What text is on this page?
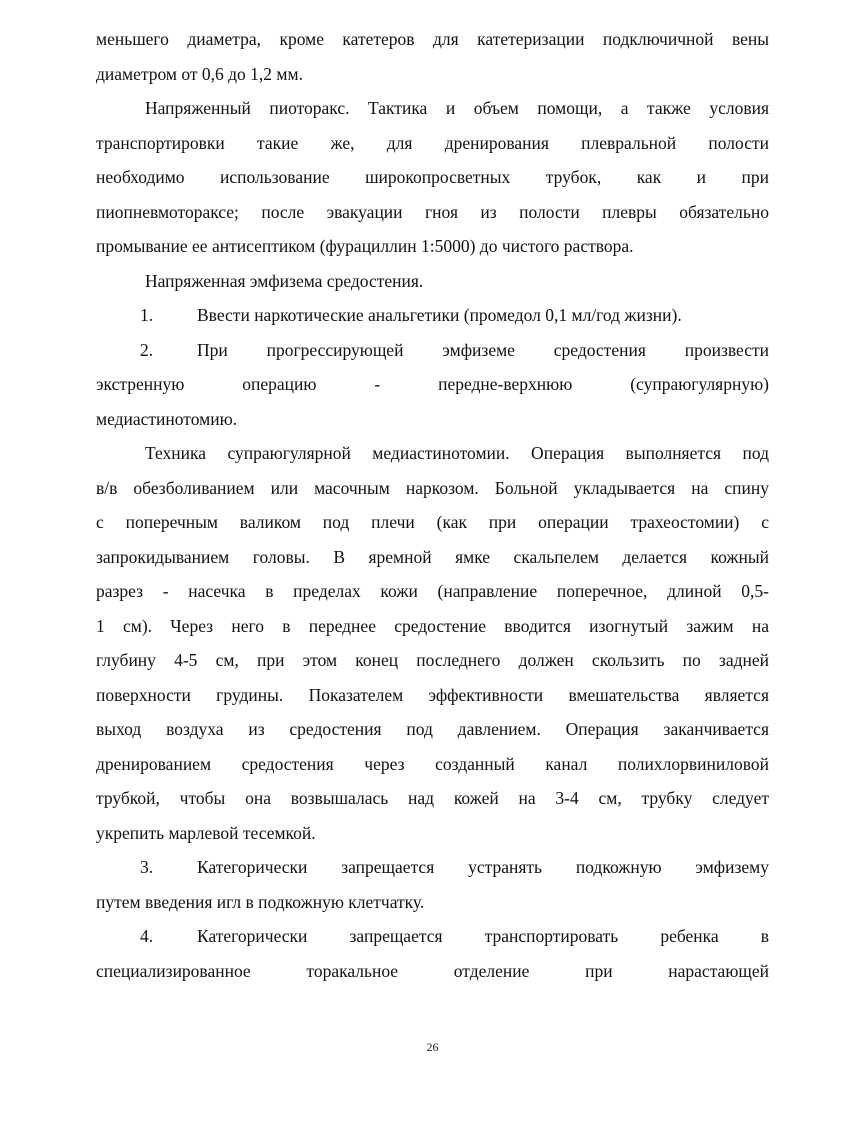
меньшего диаметра, кроме катетеров для катетеризации подключичной вены
диаметром от 0,6 до 1,2 мм.
Напряженный пиоторакс. Тактика и объем помощи, а также условия
транспортировки такие же, для дренирования плевральной полости
необходимо использование широкопросветных трубок, как и при
пиопневмотораксе; после эвакуации гноя из полости плевры обязательно
промывание ее антисептиком (фурациллин 1:5000) до чистого раствора.
Напряженная эмфизема средостения.
1.	Ввести наркотические анальгетики (промедол 0,1 мл/год жизни).
2.	При прогрессирующей эмфиземе средостения произвести
экстренную операцию - передне-верхнюю (супраюгулярную)
медиастинотомию.
Техника супраюгулярной медиастинотомии. Операция выполняется под
в/в обезболиванием или масочным наркозом. Больной укладывается на спину
с поперечным валиком под плечи (как при операции трахеостомии) с
запрокидыванием головы. В яремной ямке скальпелем делается кожный
разрез - насечка в пределах кожи (направление поперечное, длиной 0,5-
1 см). Через него в переднее средостение вводится изогнутый зажим на
глубину 4-5 см, при этом конец последнего должен скользить по задней
поверхности грудины. Показателем эффективности вмешательства является
выход воздуха из средостения под давлением. Операция заканчивается
дренированием средостения через созданный канал полихлорвиниловой
трубкой, чтобы она возвышалась над кожей на 3-4 см, трубку следует
укрепить марлевой тесемкой.
3.	Категорически запрещается устранять подкожную эмфизему
путем введения игл в подкожную клетчатку.
4.	Категорически запрещается транспортировать ребенка в
специализированное торакальное отделение при нарастающей
26
